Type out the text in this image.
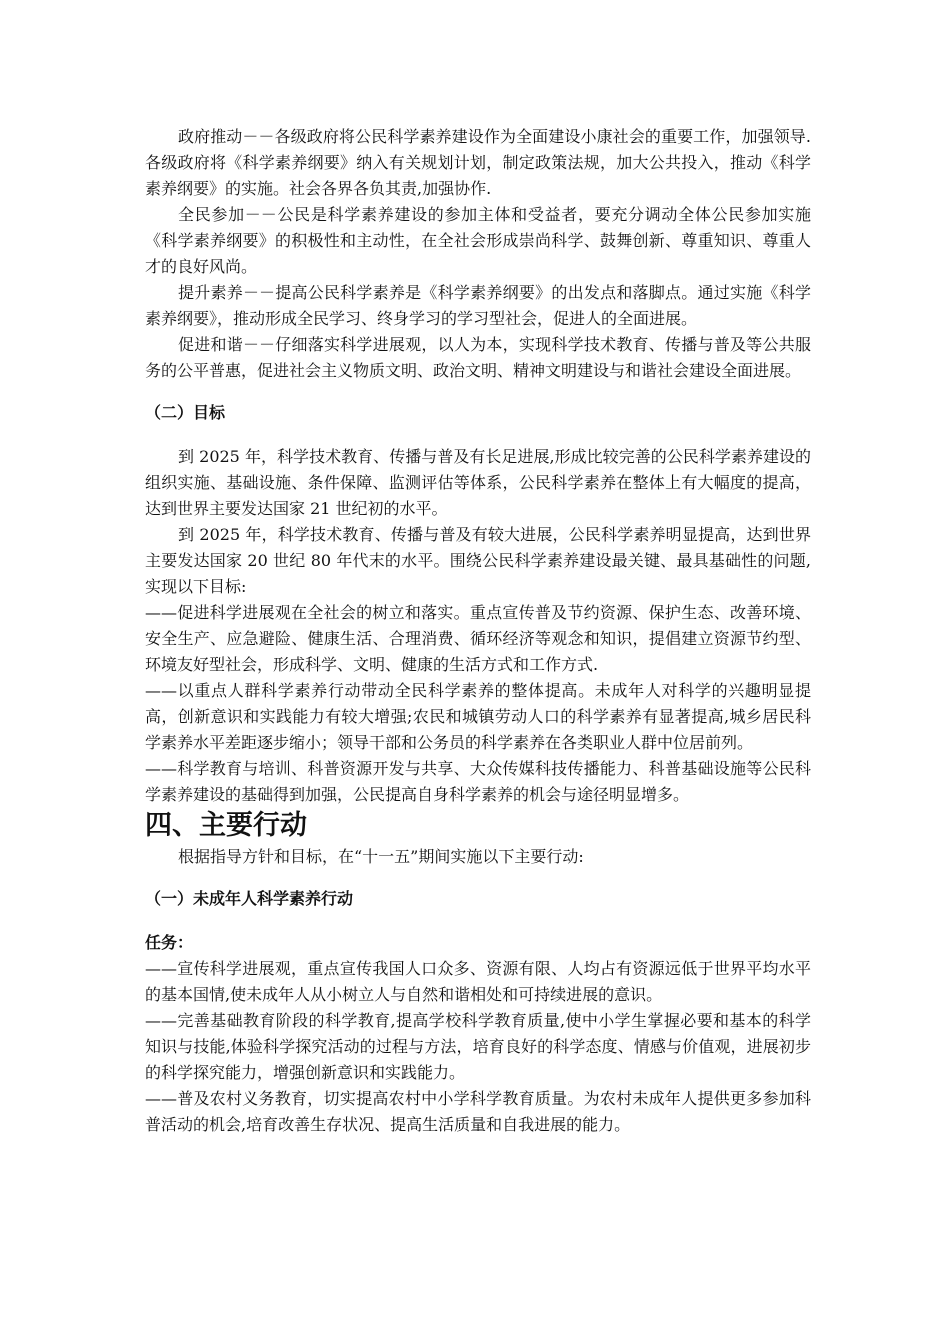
政府推动－－各级政府将公民科学素养建设作为全面建设小康社会的重要工作，加强领导.各级政府将《科学素养纲要》纳入有关规划计划，制定政策法规，加大公共投入，推动《科学素养纲要》的实施。社会各界各负其责,加强协作.

全民参加－－公民是科学素养建设的参加主体和受益者，要充分调动全体公民参加实施《科学素养纲要》的积极性和主动性，在全社会形成崇尚科学、鼓舞创新、尊重知识、尊重人才的良好风尚。

提升素养－－提高公民科学素养是《科学素养纲要》的出发点和落脚点。通过实施《科学素养纲要》，推动形成全民学习、终身学习的学习型社会，促进人的全面进展。

促进和谐－－仔细落实科学进展观，以人为本，实现科学技术教育、传播与普及等公共服务的公平普惠，促进社会主义物质文明、政治文明、精神文明建设与和谐社会建设全面进展。

（二）目标

到 2025 年，科学技术教育、传播与普及有长足进展,形成比较完善的公民科学素养建设的组织实施、基础设施、条件保障、监测评估等体系，公民科学素养在整体上有大幅度的提高，达到世界主要发达国家 21 世纪初的水平。

到 2025 年，科学技术教育、传播与普及有较大进展，公民科学素养明显提高，达到世界主要发达国家 20 世纪 80 年代末的水平。围绕公民科学素养建设最关键、最具基础性的问题,实现以下目标:

——促进科学进展观在全社会的树立和落实。重点宣传普及节约资源、保护生态、改善环境、安全生产、应急避险、健康生活、合理消费、循环经济等观念和知识，提倡建立资源节约型、环境友好型社会，形成科学、文明、健康的生活方式和工作方式.

——以重点人群科学素养行动带动全民科学素养的整体提高。未成年人对科学的兴趣明显提高，创新意识和实践能力有较大增强;农民和城镇劳动人口的科学素养有显著提高,城乡居民科学素养水平差距逐步缩小；领导干部和公务员的科学素养在各类职业人群中位居前列。

——科学教育与培训、科普资源开发与共享、大众传媒科技传播能力、科普基础设施等公民科学素养建设的基础得到加强，公民提高自身科学素养的机会与途径明显增多。

四、主要行动

根据指导方针和目标，在“十一五”期间实施以下主要行动:

（一）未成年人科学素养行动

任务：

——宣传科学进展观，重点宣传我国人口众多、资源有限、人均占有资源远低于世界平均水平的基本国情,使未成年人从小树立人与自然和谐相处和可持续进展的意识。

——完善基础教育阶段的科学教育,提高学校科学教育质量,使中小学生掌握必要和基本的科学知识与技能,体验科学探究活动的过程与方法，培育良好的科学态度、情感与价值观，进展初步的科学探究能力，增强创新意识和实践能力。

——普及农村义务教育，切实提高农村中小学科学教育质量。为农村未成年人提供更多参加科普活动的机会,培育改善生存状况、提高生活质量和自我进展的能力。
